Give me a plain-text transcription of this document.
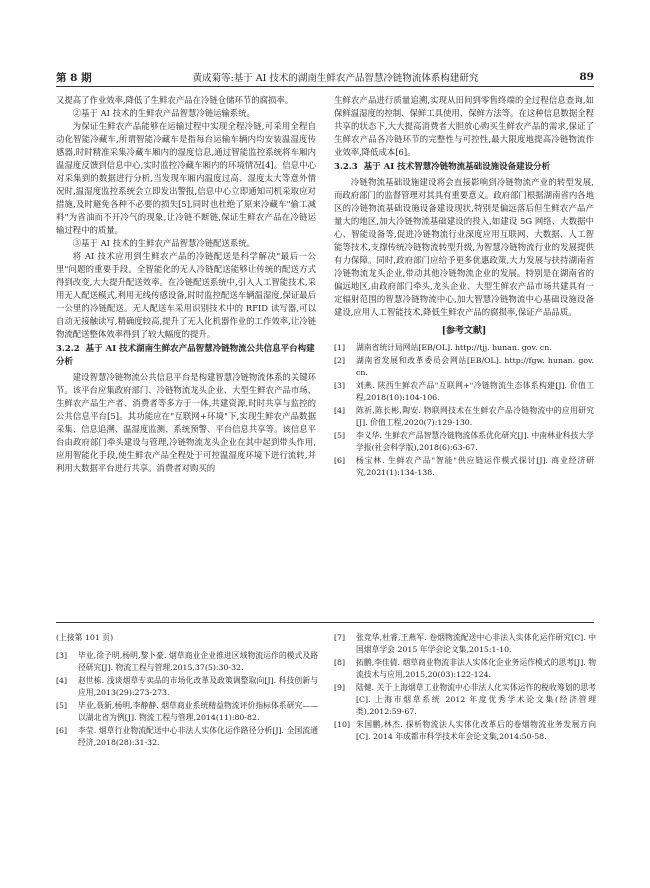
第 8 期	黄成菊等:基于 AI 技术的湖南生鲜农产品智慧冷链物流体系构建研究	89

又提高了作业效率,降低了生鲜农产品在冷链仓储环节的腐损率。

②基于 AI 技术的生鲜农产品智慧冷链运输系统。

为保证生鲜农产品能够在运输过程中实现全程冷链,可采用全程自动化智能冷藏车,所谓智能冷藏车是指每台运输车辆内均安装温湿度传感器,时时精准采集冷藏车厢内的湿度信息,通过智能监控系统将车厢内温湿度反馈到信息中心,实时监控冷藏车厢内的环境情况[4]。信息中心对采集到的数据进行分析,当发现车厢内温度过高、湿度太大等意外情况时,温湿度监控系统会立即发出警报,信息中心立即通知司机采取应对措施,及时避免各种不必要的损失[5],同时也杜绝了原来冷藏车"偷工减料"为省油而不开冷气的现象,让冷链不断链,保证生鲜农产品在冷链运输过程中的质量。

③基于 AI 技术的生鲜农产品智慧冷链配送系统。

将 AI 技术应用到生鲜农产品的冷链配送是科学解决"最后一公里"问题的重要手段。全智能化的无人冷链配送能够让传统的配送方式得到改变,大大提升配送效率。在冷链配送系统中,引入人工智能技术,采用无人配送模式,利用无线传感设备,时时监控配送车辆温湿度,保证最后一公里的冷链配送。无人配送车采用识别技术中的 RFID 读写器,可以自动无接触读写,精确度较高,提升了无人化机器作业的工作效率,让冷链物流配送整体效率得到了较大幅度的提升。

3.2.2 基于 AI 技术湖南生鲜农产品智慧冷链物流公共信息平台构建分析

建设智慧冷链物流公共信息平台是构建智慧冷链物流体系的关键环节。该平台应集政府部门、冷链物流龙头企业、大型生鲜农产品市场、生鲜农产品生产者、消费者等多方于一体,共建资源,时时共享与监控的公共信息平台[5]。其功能应在"互联网+环境"下,实现生鲜农产品数据采集、信息追溯、温湿度监测、系统预警、平台信息共享等。该信息平台由政府部门牵头建设与管理,冷链物流龙头企业在其中起到带头作用,应用智能化手段,使生鲜农产品全程处于可控温湿度环境下进行流转,并利用大数据平台进行共享。消费者对购买的

生鲜农产品进行质量追溯,实现从田间到零售终端的全过程信息查询,如保鲜温湿度的控制、保鲜工具使用、保鲜方法等。在这种信息数据全程共享的状态下,大大提高消费者大胆放心购买生鲜农产品的需求,保证了生鲜农产品各冷链环节的完整性与可控性,最大限度地提高冷链物流作业效率,降低成本[6]。

3.2.3 基于 AI 技术智慧冷链物流基础设施设备建设分析

冷链物流基础设施建设将会直接影响到冷链物流产业的转型发展,而政府部门的监督管理对其具有重要意义。政府部门根据湖南省内各地区的冷链物流基础设施设备建设现状,特别是偏远落后但生鲜农产品产量大的地区,加大冷链物流基础建设的投入,如建设 5G 网络、大数据中心、智能设备等,促进冷链物流行业深度应用互联网、大数据、人工智能等技术,支撑传统冷链物流转型升级,为智慧冷链物流行业的发展提供有力保障。同时,政府部门应给予更多优惠政策,大力发展与扶持湖南省冷链物流龙头企业,带动其他冷链物流企业的发展。特别是在湖南省的偏远地区,由政府部门牵头,龙头企业、大型生鲜农产品市场共建具有一定辐射范围的智慧冷链物流中心,加大智慧冷链物流中心基础设施设备建设,应用人工智能技术,降低生鲜农产品的腐损率,保证产品品质。

[参考文献]
[1]	湖南省统计局网站[EB/OL]. http://tjj. hunan. gov. cn.
[2]	湖南省发展和改革委员会网站[EB/OL]. http://fgw. hunan. gov. cn.
[3]	刘燕. 陕西生鲜农产品"互联网+"冷链物流生态体系构建[J]. 价值工程,2018(10):104-106.
[4]	陈祈,陈长彬,陶安. 物联网技术在生鲜农产品冷链物流中的应用研究[J]. 价值工程,2020(7):129-130.
[5]	李义华. 生鲜农产品智慧冷链物流体系优化研究[J]. 中南林业科技大学学报(社会科学版),2018(6):63-67.
[6]	杨宝林. 生鲜农产品"智能"供应链运作模式探讨[J]. 商业经济研究,2021(1):134-138.
(上接第 101 页)
[3]	毕业,徐子明,杨明,黎卜豪. 烟草商业企业推进区域物流运作的模式及路径研究[J]. 物流工程与管理,2015,37(5):30-32.
[4]	赵世栋. 浅谈烟草专卖品的市场化改革及政策调整取向[J]. 科技创新与应用,2013(29):273-273.
[5]	毕业,聂新,杨明,李静静. 烟草商业系统精益物流评价指标体系研究——以湖北省为例[J]. 物流工程与管理,2014(11):80-82.
[6]	李莹. 烟草行业物流配送中心非法人实体化运作路径分析[J]. 全国流通经济,2018(28):31-32.
[7]	张竞华,杜睿,王燕军. 卷烟物流配送中心非法人实体化运作研究[C]. 中国烟草学会 2015 年学会论文集,2015:1-10.
[8]	拓鹏,李佳倩. 烟草商业物流非法人实体化企业务运作模式的思考[J]. 物流技术与应用,2015,20(03):122-124.
[9]	陆健. 关于上海烟草工业物流中心非法人化实体运作的税收筹划的思考[C]. 上海市烟草系统 2012 年度优秀学术论文集(经济管理类),2012:59-67.
[10] 朱国鹏,林杰. 探析物流法人实体化改革后的卷烟物流业务发展方向[C]. 2014 年成都市科学技术年会论文集,2014:50-58.
